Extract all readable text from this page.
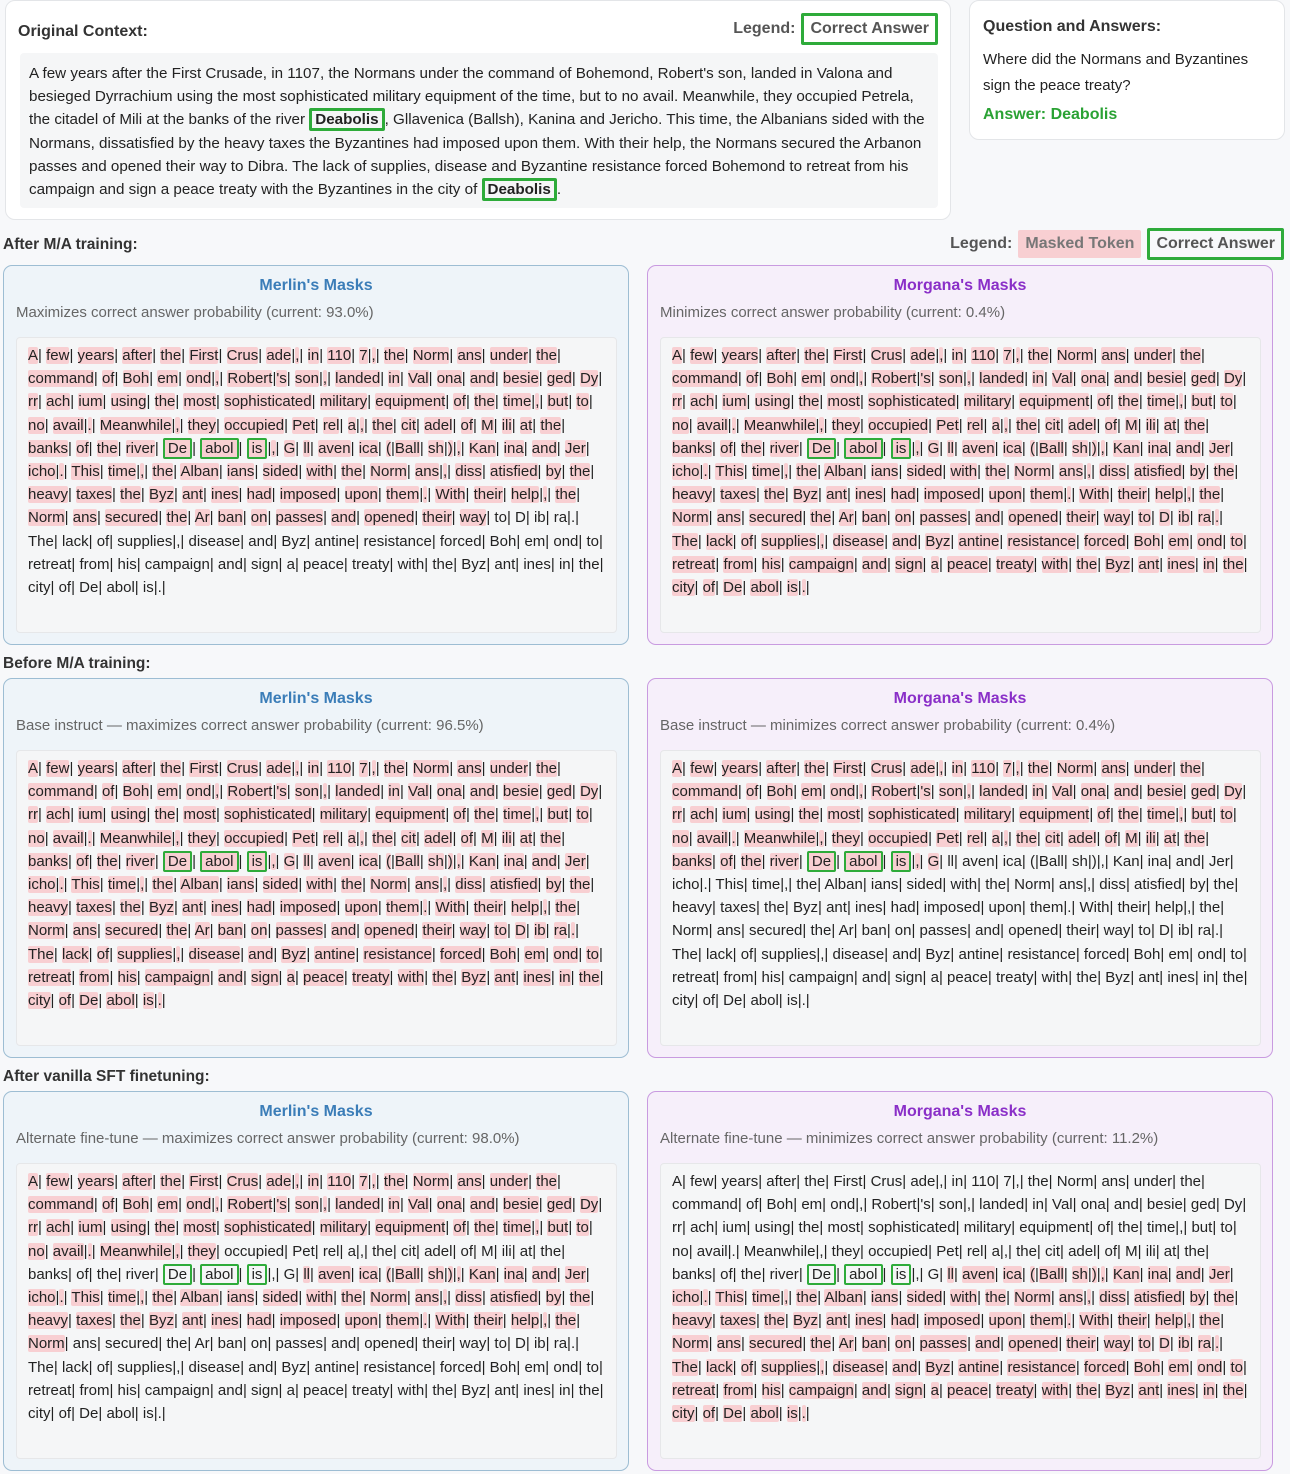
Original Context:	Legend: Correct Answer
A few years after the First Crusade, in 1107, the Normans under the command of Bohemond, Robert's son, landed in Valona and besieged Dyrrachium using the most sophisticated military equipment of the time, but to no avail. Meanwhile, they occupied Petrela, the citadel of Mili at the banks of the river Deabolis , Gllavenica (Ballsh), Kanina and Jericho. This time, the Albanians sided with the Normans, dissatisfied by the heavy taxes the Byzantines had imposed upon them. With their help, the Normans secured the Arbanon passes and opened their way to Dibra. The lack of supplies, disease and Byzantine resistance forced Bohemond to retreat from his campaign and sign a peace treaty with the Byzantines in the city of Deabolis .
Question and Answers:
Where did the Normans and Byzantines sign the peace treaty?
Answer: Deabolis
Legend: Masked Token	Correct Answer
After M/A training:
Merlin's Masks
Maximizes correct answer probability (current: 93.0%)
A| few| years| after| the| First| Crus| ade|,| in| 110| 7|,| the| Norm| ans| under| the| command| of| Boh| em| ond|,| Robert|'s| son|,| landed| in| Val| ona| and| besie| ged| Dy| rr| ach| ium| using| the| most| sophisticated| military| equipment| of| the| time|,| but| to| no| avail|.| Meanwhile|,| they| occupied| Pet| rel| a|,| the| cit| adel| of| M| ili| at| the| banks| of| the| river| De | abol | is |,| G| ll| aven| ica| (|Ball| sh|)|,| Kan| ina| and| Jer| icho|.| This| time|,| the| Alban| ians| sided| with| the| Norm| ans|,| diss| atisfied| by| the| heavy| taxes| the| Byz| ant| ines| had| imposed| upon| them|.| With| their| help|,| the| Norm| ans| secured| the| Ar| ban| on| passes| and| opened| their| way| to| D| ib| ra|.| The| lack| of| supplies|,| disease| and| Byz| antine| resistance| forced| Boh| em| ond| to| retreat| from| his| campaign| and| sign| a| peace| treaty| with| the| Byz| ant| ines| in| the| city| of| De| abol| is|.|
Morgana's Masks
Minimizes correct answer probability (current: 0.4%)
A| few| years| after| the| First| Crus| ade|,| in| 110| 7|,| the| Norm| ans| under| the| command| of| Boh| em| ond|,| Robert|'s| son|,| landed| in| Val| ona| and| besie| ged| Dy| rr| ach| ium| using| the| most| sophisticated| military| equipment| of| the| time|,| but| to| no| avail|.| Meanwhile|,| they| occupied| Pet| rel| a|,| the| cit| adel| of| M| ili| at| the| banks| of| the| river| De | abol | is |,| G| ll| aven| ica| (|Ball| sh|)|,| Kan| ina| and| Jer| icho|.| This| time|,| the| Alban| ians| sided| with| the| Norm| ans|,| diss| atisfied| by| the| heavy| taxes| the| Byz| ant| ines| had| imposed| upon| them|.| With| their| help|,| the| Norm| ans| secured| the| Ar| ban| on| passes| and| opened| their| way| to| D| ib| ra|.| The| lack| of| supplies|,| disease| and| Byz| antine| resistance| forced| Boh| em| ond| to| retreat| from| his| campaign| and| sign| a| peace| treaty| with| the| Byz| ant| ines| in| the| city| of| De| abol| is|.|
Before M/A training:
Merlin's Masks
Base instruct — maximizes correct answer probability (current: 96.5%)
A| few| years| after| the| First| Crus| ade|,| in| 110| 7|,| the| Norm| ans| under| the| command| of| Boh| em| ond|,| Robert|'s| son|,| landed| in| Val| ona| and| besie| ged| Dy| rr| ach| ium| using| the| most| sophisticated| military| equipment| of| the| time|,| but| to| no| avail|.| Meanwhile|,| they| occupied| Pet| rel| a|,| the| cit| adel| of| M| ili| at| the| banks| of| the| river| De | abol | is |,| G| ll| aven| ica| (|Ball| sh|)|,| Kan| ina| and| Jer| icho|.| This| time|,| the| Alban| ians| sided| with| the| Norm| ans|,| diss| atisfied| by| the| heavy| taxes| the| Byz| ant| ines| had| imposed| upon| them|.| With| their| help|,| the| Norm| ans| secured| the| Ar| ban| on| passes| and| opened| their| way| to| D| ib| ra|.| The| lack| of| supplies|,| disease| and| Byz| antine| resistance| forced| Boh| em| ond| to| retreat| from| his| campaign| and| sign| a| peace| treaty| with| the| Byz| ant| ines| in| the| city| of| De| abol| is|.|
Morgana's Masks
Base instruct — minimizes correct answer probability (current: 0.4%)
A| few| years| after| the| First| Crus| ade|,| in| 110| 7|,| the| Norm| ans| under| the| command| of| Boh| em| ond|,| Robert|'s| son|,| landed| in| Val| ona| and| besie| ged| Dy| rr| ach| ium| using| the| most| sophisticated| military| equipment| of| the| time|,| but| to| no| avail|.| Meanwhile|,| they| occupied| Pet| rel| a|,| the| cit| adel| of| M| ili| at| the| banks| of| the| river| De | abol | is |,| G| ll| aven| ica| (|Ball| sh|)|,| Kan| ina| and| Jer| icho|.| This| time|,| the| Alban| ians| sided| with| the| Norm| ans|,| diss| atisfied| by| the| heavy| taxes| the| Byz| ant| ines| had| imposed| upon| them|.| With| their| help|,| the| Norm| ans| secured| the| Ar| ban| on| passes| and| opened| their| way| to| D| ib| ra|.| The| lack| of| supplies|,| disease| and| Byz| antine| resistance| forced| Boh| em| ond| to| retreat| from| his| campaign| and| sign| a| peace| treaty| with| the| Byz| ant| ines| in| the| city| of| De| abol| is|.|
After vanilla SFT finetuning:
Merlin's Masks
Alternate fine-tune — maximizes correct answer probability (current: 98.0%)
A| few| years| after| the| First| Crus| ade|,| in| 110| 7|,| the| Norm| ans| under| the| command| of| Boh| em| ond|,| Robert|'s| son|,| landed| in| Val| ona| and| besie| ged| Dy| rr| ach| ium| using| the| most| sophisticated| military| equipment| of| the| time|,| but| to| no| avail|.| Meanwhile|,| they| occupied| Pet| rel| a|,| the| cit| adel| of| M| ili| at| the| banks| of| the| river| De | abol | is |,| G| ll| aven| ica| (|Ball| sh|)|,| Kan| ina| and| Jer| icho|.| This| time|,| the| Alban| ians| sided| with| the| Norm| ans|,| diss| atisfied| by| the| heavy| taxes| the| Byz| ant| ines| had| imposed| upon| them|.| With| their| help|,| the| Norm| ans| secured| the| Ar| ban| on| passes| and| opened| their| way| to| D| ib| ra|.| The| lack| of| supplies|,| disease| and| Byz| antine| resistance| forced| Boh| em| ond| to| retreat| from| his| campaign| and| sign| a| peace| treaty| with| the| Byz| ant| ines| in| the| city| of| De| abol| is|.|
Morgana's Masks
Alternate fine-tune — minimizes correct answer probability (current: 11.2%)
A| few| years| after| the| First| Crus| ade|,| in| 110| 7|,| the| Norm| ans| under| the| command| of| Boh| em| ond|,| Robert|'s| son|,| landed| in| Val| ona| and| besie| ged| Dy| rr| ach| ium| using| the| most| sophisticated| military| equipment| of| the| time|,| but| to| no| avail|.| Meanwhile|,| they| occupied| Pet| rel| a|,| the| cit| adel| of| M| ili| at| the| banks| of| the| river| De | abol | is |,| G| ll| aven| ica| (|Ball| sh|)|,| Kan| ina| and| Jer| icho|.| This| time|,| the| Alban| ians| sided| with| the| Norm| ans|,| diss| atisfied| by| the| heavy| taxes| the| Byz| ant| ines| had| imposed| upon| them|.| With| their| help|,| the| Norm| ans| secured| the| Ar| ban| on| passes| and| opened| their| way| to| D| ib| ra|.| The| lack| of| supplies|,| disease| and| Byz| antine| resistance| forced| Boh| em| ond| to| retreat| from| his| campaign| and| sign| a| peace| treaty| with| the| Byz| ant| ines| in| the| city| of| De| abol| is|.|
